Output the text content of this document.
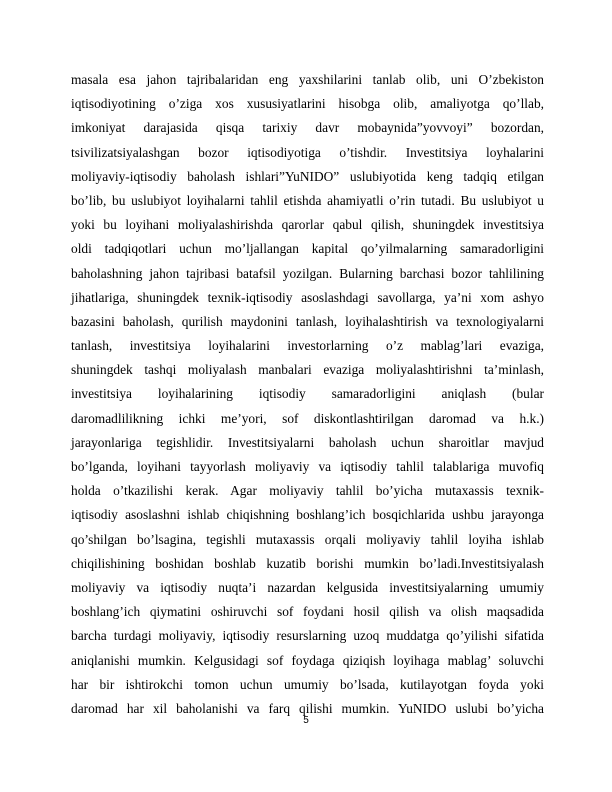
masala esa jahon tajribalaridan eng yaxshilarini tanlab olib, uni O’zbekiston
iqtisodiyotining o’ziga xos xususiyatlarini hisobga olib, amaliyotga qo’llab,
imkoniyat darajasida qisqa tarixiy davr mobaynida”yovvoyi” bozordan,
tsivilizatsiyalashgan bozor iqtisodiyotiga o’tishdir. Investitsiya loyhalarini
moliyaviy-iqtisodiy baholash ishlari”YuNIDO” uslubiyotida keng tadqiq etilgan
bo’lib, bu uslubiyot loyihalarni tahlil etishda ahamiyatli o’rin tutadi. Bu uslubiyot u
yoki bu loyihani moliyalashirishda qarorlar qabul qilish, shuningdek investitsiya
oldi tadqiqotlari uchun mo’ljallangan kapital qo’yilmalarning samaradorligini
baholashning jahon tajribasi batafsil yozilgan. Bularning barchasi bozor tahlilining
jihatlariga, shuningdek texnik-iqtisodiy asoslashdagi savollarga, ya’ni xom ashyo
bazasini baholash, qurilish maydonini tanlash, loyihalashtirish va texnologiyalarni
tanlash, investitsiya loyihalarini investorlarning o’z mablag’lari evaziga,
shuningdek tashqi moliyalash manbalari evaziga moliyalashtirishni ta’minlash,
investitsiya loyihalarining iqtisodiy samaradorligini aniqlash (bular
daromadlilikning ichki me’yori, sof diskontlashtirilgan daromad va h.k.)
jarayonlariga tegishlidir. Investitsiyalarni baholash uchun sharoitlar mavjud
bo’lganda, loyihani tayyorlash moliyaviy va iqtisodiy tahlil talablariga muvofiq
holda o’tkazilishi kerak. Agar moliyaviy tahlil bo’yicha mutaxassis texnik-
iqtisodiy asoslashni ishlab chiqishning boshlang’ich bosqichlarida ushbu jarayonga
qo’shilgan bo’lsagina, tegishli mutaxassis orqali moliyaviy tahlil loyiha ishlab
chiqilishining boshidan boshlab kuzatib borishi mumkin bo’ladi.Investitsiyalash
moliyaviy va iqtisodiy nuqta’i nazardan kelgusida investitsiyalarning umumiy
boshlang’ich qiymatini oshiruvchi sof foydani hosil qilish va olish maqsadida
barcha turdagi moliyaviy, iqtisodiy resurslarning uzoq muddatga qo’yilishi sifatida
aniqlanishi mumkin. Kelgusidagi sof foydaga qiziqish loyihaga mablag’ soluvchi
har bir ishtirokchi tomon uchun umumiy bo’lsada, kutilayotgan foyda yoki
daromad har xil baholanishi va farq qilishi mumkin. YuNIDO uslubi bo’yicha
5
